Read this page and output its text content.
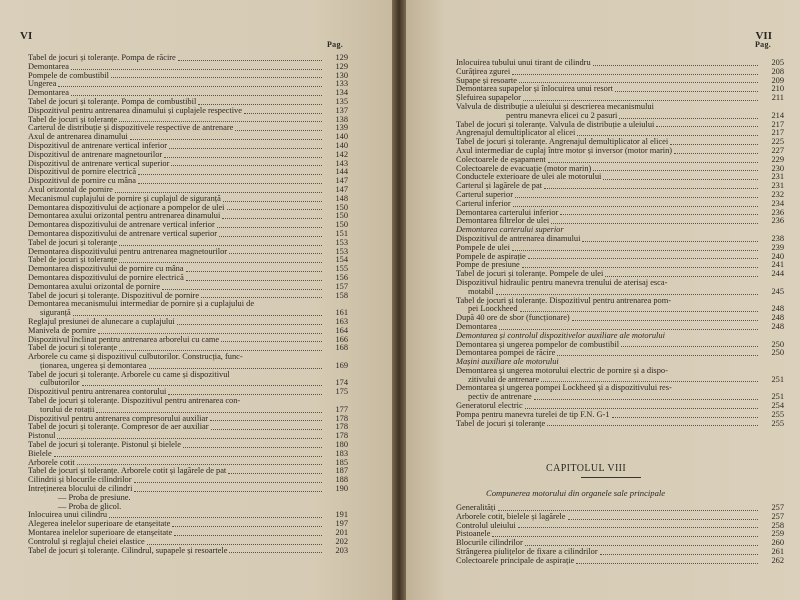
VI
Pag.
Tabel de jocuri și toleranțe. Pompa de răcire	129
Demontarea	129
Pompele de combustibil	130
Ungerea	133
Demontarea	134
Tabel de jocuri și toleranțe. Pompa de combustibil	135
Dispozitivul pentru antrenarea dinamului și cuplajele respective	137
Tabel de jocuri și toleranțe	138
Carterul de distribuție și dispozitivele respective de antrenare	139
Axul de antrenarea dinamului	140
Dispozitivul de antrenare vertical inferior	140
Dispozitivul de antrenare magnetourilor	142
Dispozitivul de antrenare vertical superior	143
Dispozitivul de pornire electrică	144
Dispozitivul de pornire cu mâna	147
Axul orizontal de pornire	147
Mecanismul cuplajului de pornire și cuplajul de siguranță	148
Demontarea dispozitivului de acționare a pompelor de ulei	150
Demontarea axului orizontal pentru antrenarea dinamului	150
Demontarea dispozitivului de antrenare vertical inferior	150
Demontarea dispozitivului de antrenare vertical superior	151
Tabel de jocuri și toleranțe	153
Demontarea dispozitivului pentru antrenarea magnetourilor	153
Tabel de jocuri și toleranțe	154
Demontarea dispozitivului de pornire cu mâna	155
Demontarea dispozitivului de pornire electrică	156
Demontarea axului orizontal de pornire	157
Tabel de jocuri și toleranțe. Dispozitivul de pornire	158
Demontarea mecanismului intermediar de pornire și a cuplajului de
siguranță	161
Reglajul presiunei de alunecare a cuplajului	163
Manivela de pornire	164
Dispozitivul înclinat pentru antrenarea arborelui cu came	166
Tabel de jocuri și toleranțe	168
Arborele cu came și dispozitivul culbutorilor. Construcția, func-
ționarea, ungerea și demontarea	169
Tabel de jocuri și toleranțe. Arborele cu came și dispozitivul
culbutorilor	174
Dispozitivul pentru antrenarea contorului	175
Tabel de jocuri și toleranțe. Dispozitivul pentru antrenarea con-
torului de rotații	177
Dispozitivul pentru antrenarea compresorului auxiliar	178
Tabel de jocuri și toleranțe. Compresor de aer auxiliar	178
Pistonul	178
Tabel de jocuri și toleranțe. Pistonul și bielele	180
Bielele	183
Arborele cotit	185
Tabel de jocuri și toleranțe. Arborele cotit și lagărele de pat	187
Cilindrii și blocurile cilindrilor	188
Întreținerea blocului de cilindri	190
— Proba de presiune.
— Proba de glicol.
Înlocuirea unui cilindru	191
Alegerea inelelor superioare de etanșeitate	197
Montarea inelelor superioare de etanșeitate	201
Controlul și reglajul cheiei elastice	202
Tabel de jocuri și toleranțe. Cilindrul, supapele și resoartele	203
VII
Pag.
Înlocuirea tubului unui tirant de cilindru	205
Curățirea zgurei	208
Supape și resoarte	209
Demontarea supapelor și înlocuirea unui resort	210
Șlefuirea supapelor	211
Valvula de distribuție a uleiului și descrierea mecanismului
pentru manevra elicei cu 2 pasuri	214
Tabel de jocuri și toleranțe. Valvula de distribuție a uleiului	217
Angrenajul demultiplicator al elicei	217
Tabel de jocuri și toleranțe. Angrenajul demultiplicator al elicei	225
Axul intermediar de cuplaj între motor și inversor (motor marin)	227
Colectoarele de eșapament	229
Colectoarele de evacuație (motor marin)	230
Conductele exterioare de ulei ale motorului	231
Carterul și lagărele de pat	231
Carterul superior	232
Carterul inferior	234
Demontarea carterului inferior	236
Demontarea filtrelor de ulei	236
Demontarea carterului superior
Dispozitivul de antrenarea dinamului	238
Pompele de ulei	239
Pompele de aspirație	240
Pompe de presiune	241
Tabel de jocuri și toleranțe. Pompele de ulei	244
Dispozitivul hidraulic pentru manevra trenului de aterisaj esca-
motabil	245
Tabel de jocuri și toleranțe. Dispozitivul pentru antrenarea pom-
pei Loockheed	248
După 40 ore de sbor (funcționare)	248
Demontarea	248
Demontarea și controlul dispozitivelor auxiliare ale motorului
Demontarea și ungerea pompelor de combustibil	250
Demontarea pompei de răcire	250
Mașini auxiliare ale motorului
Demontarea și ungerea motorului electric de pornire și a dispo-
zitivului de antrenare	251
Demontarea și ungerea pompei Lockheed și a dispozitivului res-
pectiv de antrenare	251
Generatorul electric	254
Pompa pentru manevra turelei de tip F.N. G-1	255
Tabel de jocuri și toleranțe	255
CAPITOLUL VIII
Compunerea motorului din organele sale principale
Generalități	257
Arborele cotit, bielele și lagărele	257
Controlul uleiului	258
Pistoanele	259
Blocurile cilindrilor	260
Strângerea piulițelor de fixare a cilindrilor	261
Colectoarele principale de aspirație	262
